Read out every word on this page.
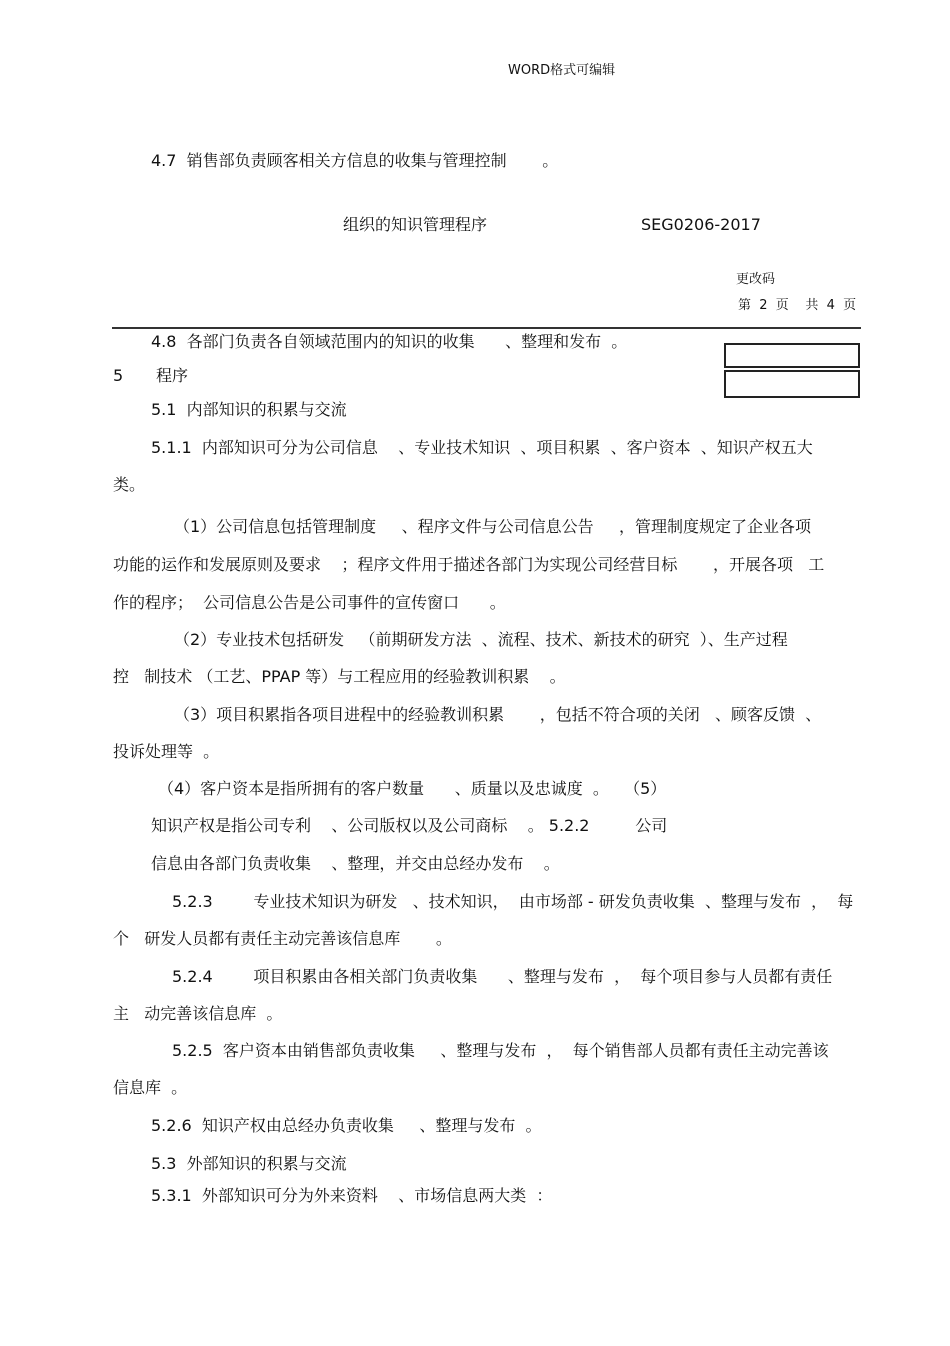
WORD格式可编辑
4.7  销售部负责顾客相关方信息的收集与管理控制       。
组织的知识管理程序	SEG0206-2017
更改码
第  2  页    共  4  页
4.8  各部门负责各自领域范围内的知识的收集      、整理和发布  。
5 程序
5.1  内部知识的积累与交流
5.1.1  内部知识可分为公司信息    、专业技术知识  、项目积累  、客户资本  、知识产权五大
类。
（1）公司信息包括管理制度     、程序文件与公司信息公告     ，管理制度规定了企业各项
功能的运作和发展原则及要求    ；程序文件用于描述各部门为实现公司经营目标       ，开展各项   工
作的程序；  公司信息公告是公司事件的宣传窗口      。
（2）专业技术包括研发   （前期研发方法  、流程、技术、新技术的研究  ）、生产过程
控   制技术 （工艺、PPAP 等）与工程应用的经验教训积累    。
（3）项目积累指各项目进程中的经验教训积累       ，包括不符合项的关闭   、顾客反馈  、
投诉处理等  。
（4）客户资本是指所拥有的客户数量      、质量以及忠诚度  。   （5）
知识产权是指公司专利    、公司版权以及公司商标    。 5.2.2         公司
信息由各部门负责收集    、整理，并交由总经办发布    。
5.2.3        专业技术知识为研发   、技术知识，  由市场部 - 研发负责收集  、整理与发布  ，  每
个   研发人员都有责任主动完善该信息库       。
5.2.4        项目积累由各相关部门负责收集      、整理与发布  ，  每个项目参与人员都有责任
主   动完善该信息库  。
5.2.5  客户资本由销售部负责收集     、整理与发布  ，  每个销售部人员都有责任主动完善该
信息库  。
5.2.6  知识产权由总经办负责收集     、整理与发布  。
5.3  外部知识的积累与交流
5.3.1  外部知识可分为外来资料    、市场信息两大类  ：
